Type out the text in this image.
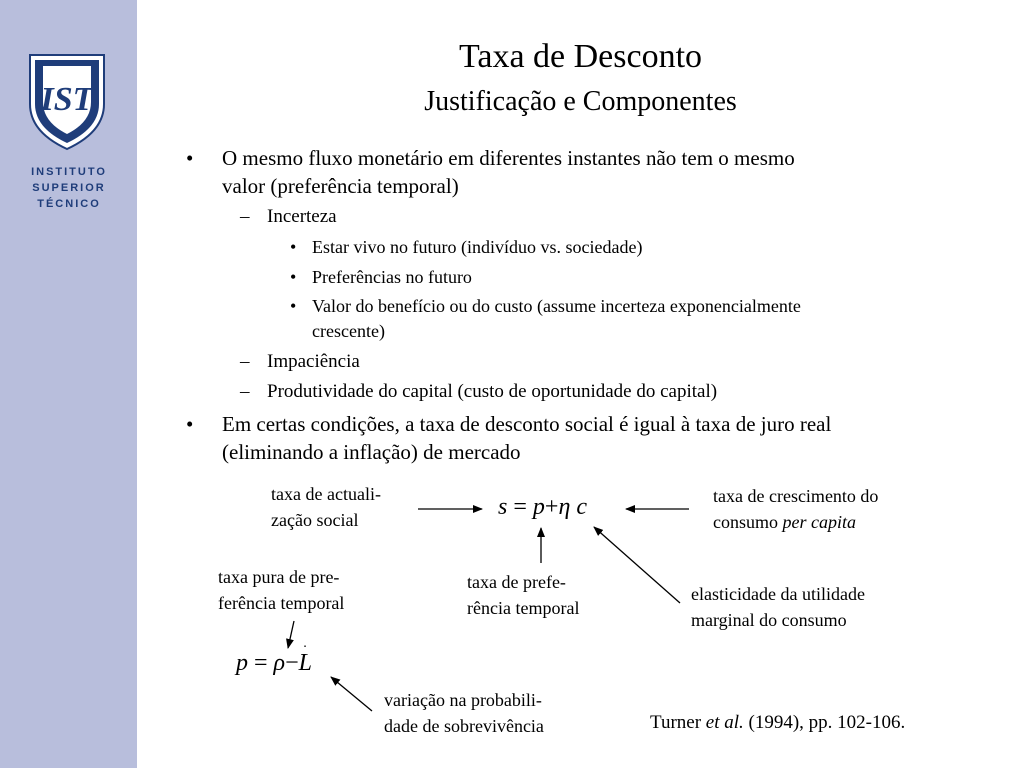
IST
INSTITUTO
SUPERIOR
TÉCNICO
Taxa de Desconto
Justificação e Componentes
• O mesmo fluxo monetário em diferentes instantes não tem o mesmo
valor (preferência temporal)
– Incerteza
• Estar vivo no futuro (indivíduo vs. sociedade)
• Preferências no futuro
• Valor do benefício ou do custo (assume incerteza exponencialmente
crescente)
– Impaciência
– Produtividade do capital (custo de oportunidade do capital)
• Em certas condições, a taxa de desconto social é igual à taxa de juro real
(eliminando a inflação) de mercado
taxa de actuali-
zação social	s = p+η c	taxa de crescimento do
consumo per capita
taxa pura de pre-
ferência temporal
taxa de prefe-
rência temporal
elasticidade da utilidade
marginal do consumo
p = ρ−L
.
variação na probabili-
dade de sobrevivência	Turner et al. (1994), pp. 102-106.
